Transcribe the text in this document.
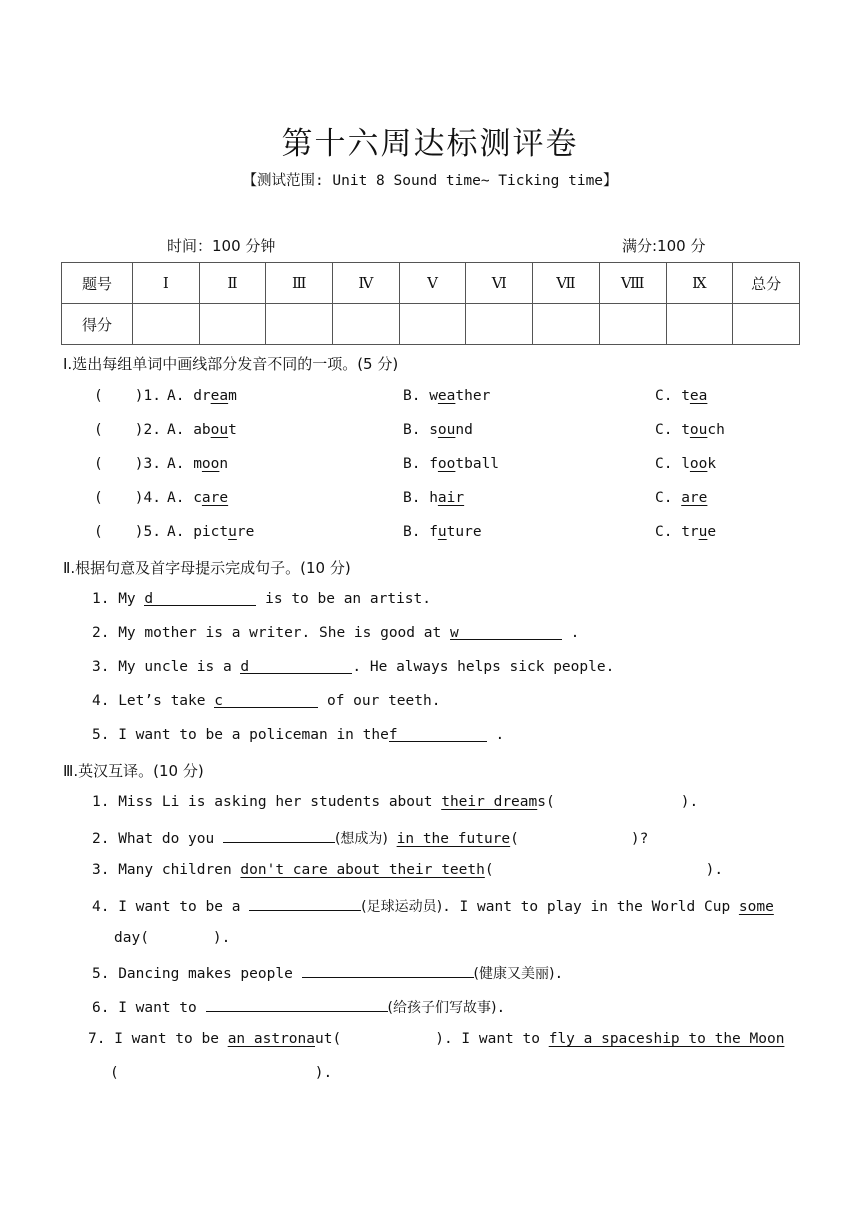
第十六周达标测评卷
【测试范围: Unit 8 Sound time~ Ticking time】
时间：100 分钟	满分:100 分
题号	Ⅰ	Ⅱ	Ⅲ	Ⅳ	Ⅴ	Ⅵ	Ⅶ	Ⅷ	Ⅸ	总分
得分										
Ⅰ.选出每组单词中画线部分发音不同的一项。(5 分)
( )1. A. dream	B. weather	C. tea
( )2. A. about	B. sound	C. touch
( )3. A. moon	B. football	C. look
( )4. A. care	B. hair	C. are
( )5. A. picture	B. future	C. true
Ⅱ.根据句意及首字母提示完成句子。(10 分)
1. My d	is to be an artist.
2. My mother is a writer. She is good at w	.
3. My uncle is a d	. He always helps sick people.
4. Let’s take c	of our teeth.
5. I want to be a policeman in thef	.
Ⅲ.英汉互译。(10 分)
1. Miss Li is asking her students about their dreams(	).
2. What do you	(想成为) in the future(	)?
3. Many children don't care about their teeth(	).
4. I want to be a	(足球运动员). I want to play in the World Cup some
day(	).
5. Dancing makes people	(健康又美丽).
6. I want to	(给孩子们写故事).
7. I want to be an astronaut(	). I want to fly a spaceship to the Moon
(	).
